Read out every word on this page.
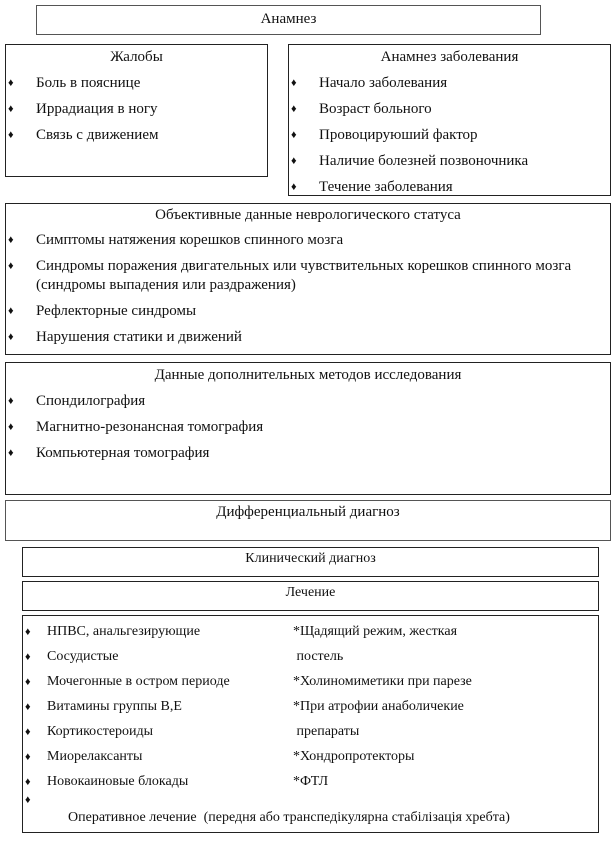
Анамнез
Жалобы
♦ Боль в пояснице
♦ Иррадиация в ногу
♦ Связь с движением
Анамнез заболевания
♦ Начало заболевания
♦ Возраст больного
♦ Провоцируюший фактор
♦ Наличие болезней позвоночника
♦ Течение заболевания
Объективные данные неврологического статуса
♦ Симптомы натяжения корешков спинного мозга
♦ Синдромы поражения двигательных или чувствительных корешков спинного мозга (синдромы выпадения или раздражения)
♦ Рефлекторные синдромы
♦ Нарушения статики и движений
Данные дополнительных методов исследования
♦ Спондилография
♦ Магнитно-резонансная томография
♦ Компьютерная томография
Дифференциальный диагноз
Клинический диагноз
Лечение
♦ НПВС, анальгезирующие
♦ Сосудистые
♦ Мочегонные в остром периоде
♦ Витамины группы В,Е
♦ Кортикостероиды
♦ Миорелаксанты
♦ Новокаиновые блокады
*Щадящий режим, жесткая
постель
*Холиномиметики при парезе
*При атрофии анаболичекие
препараты
*Хондропротекторы
*ФТЛ

♦
Оперативное лечение  (передня або транспедікулярна стабілізація хребта)
